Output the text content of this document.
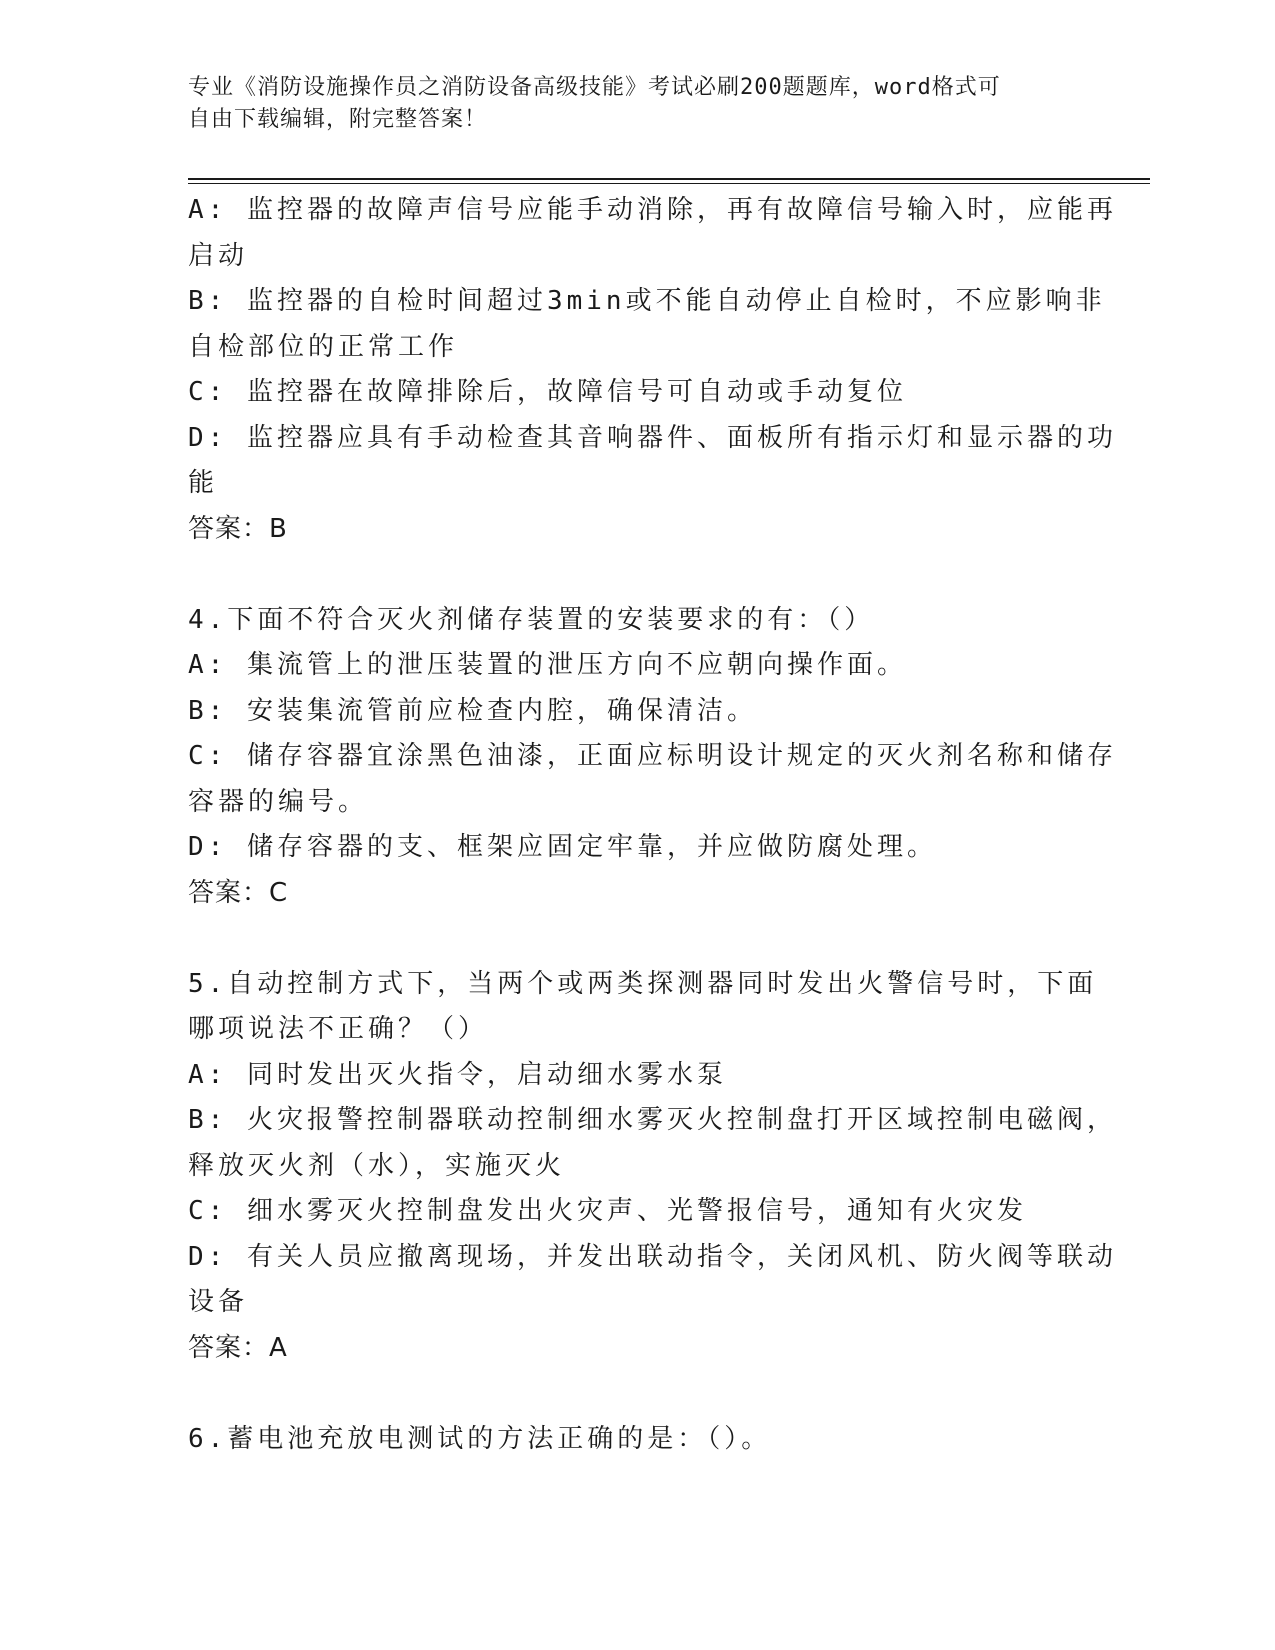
专业《消防设施操作员之消防设备高级技能》考试必刷200题题库，word格式可
自由下载编辑，附完整答案！

A: 监控器的故障声信号应能手动消除，再有故障信号输入时，应能再

启动

B: 监控器的自检时间超过3min或不能自动停止自检时，不应影响非

自检部位的正常工作

C: 监控器在故障排除后，故障信号可自动或手动复位

D: 监控器应具有手动检查其音响器件、面板所有指示灯和显示器的功

能

答案：B

4.下面不符合灭火剂储存装置的安装要求的有：（）

A: 集流管上的泄压装置的泄压方向不应朝向操作面。

B: 安装集流管前应检查内腔，确保清洁。

C: 储存容器宜涂黑色油漆，正面应标明设计规定的灭火剂名称和储存

容器的编号。

D: 储存容器的支、框架应固定牢靠，并应做防腐处理。

答案：C

5.自动控制方式下，当两个或两类探测器同时发出火警信号时，下面

哪项说法不正确？（）

A: 同时发出灭火指令，启动细水雾水泵

B: 火灾报警控制器联动控制细水雾灭火控制盘打开区域控制电磁阀，

释放灭火剂（水），实施灭火

C: 细水雾灭火控制盘发出火灾声、光警报信号，通知有火灾发

D: 有关人员应撤离现场，并发出联动指令，关闭风机、防火阀等联动

设备

答案：A

6.蓄电池充放电测试的方法正确的是：（）。
